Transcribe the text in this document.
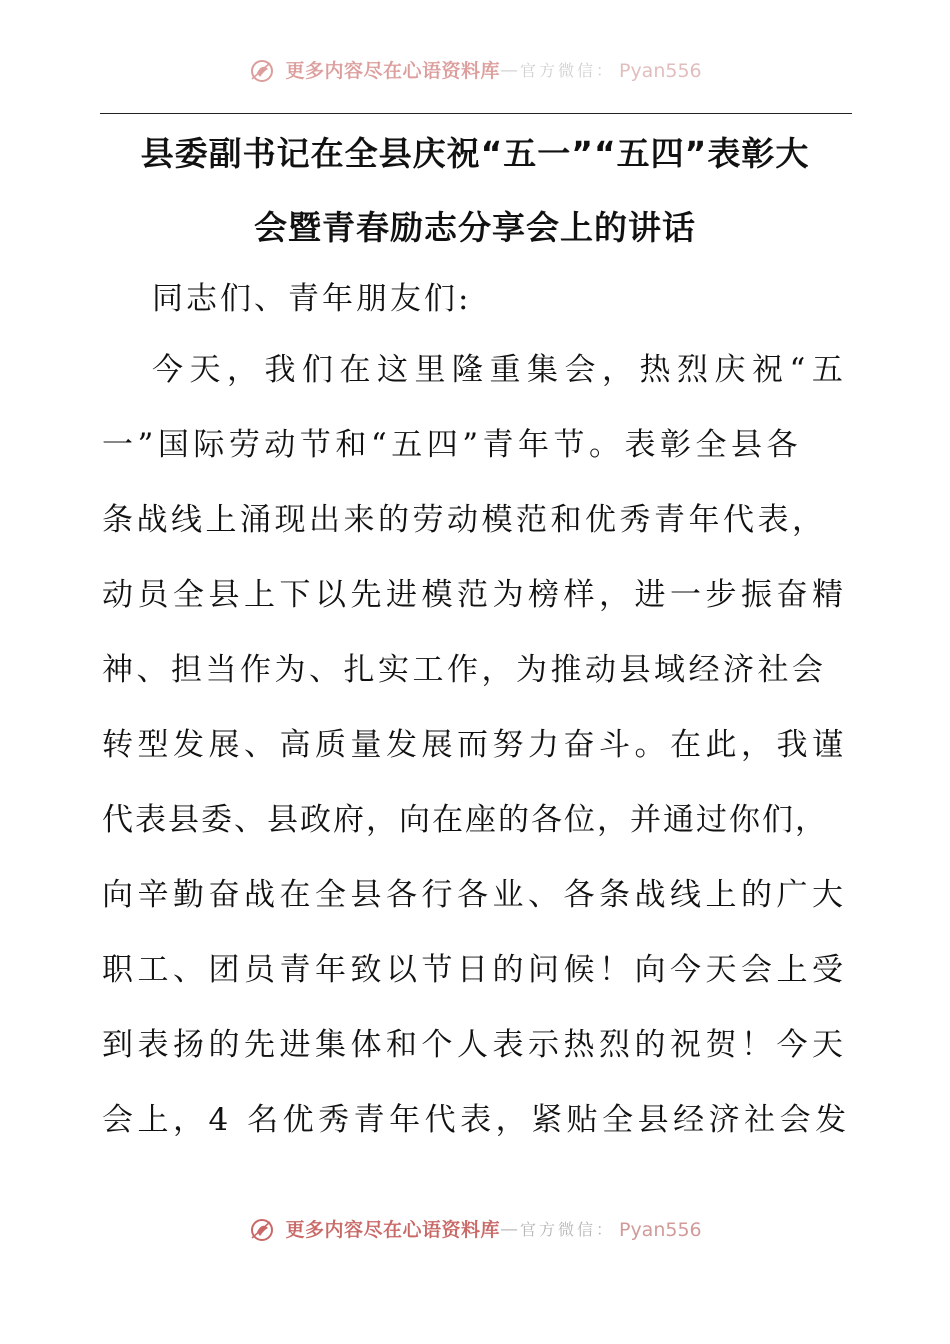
更多内容尽在心语资料库— 官方微信： Pyan556
县委副书记在全县庆祝“五一”“五四”表彰大
会暨青春励志分享会上的讲话
同志们、青年朋友们:
今天，我们在这里隆重集会，热烈庆祝“五
一”国际劳动节和“五四”青年节。表彰全县各
条战线上涌现出来的劳动模范和优秀青年代表，
动员全县上下以先进模范为榜样，进一步振奋精
神、担当作为、扎实工作，为推动县域经济社会
转型发展、高质量发展而努力奋斗。在此，我谨
代表县委、县政府，向在座的各位，并通过你们，
向辛勤奋战在全县各行各业、各条战线上的广大
职工、团员青年致以节日的问候！向今天会上受
到表扬的先进集体和个人表示热烈的祝贺！今天
会上，4 名优秀青年代表，紧贴全县经济社会发
更多内容尽在心语资料库— 官方微信： Pyan556
